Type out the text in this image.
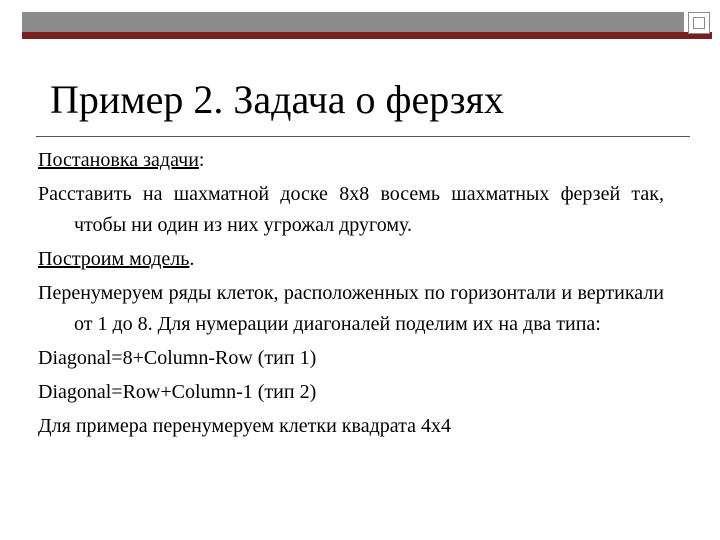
Пример 2. Задача о ферзях

Постановка задачи:

Расставить на шахматной доске 8х8 восемь шахматных ферзей так, чтобы ни один из них угрожал другому.

Построим модель.

Перенумеруем ряды клеток, расположенных по горизонтали и вертикали от 1 до 8. Для нумерации диагоналей поделим их на два типа:

Diagonal=8+Column-Row (тип 1)

Diagonal=Row+Column-1 (тип 2)

Для примера перенумеруем клетки квадрата 4х4
